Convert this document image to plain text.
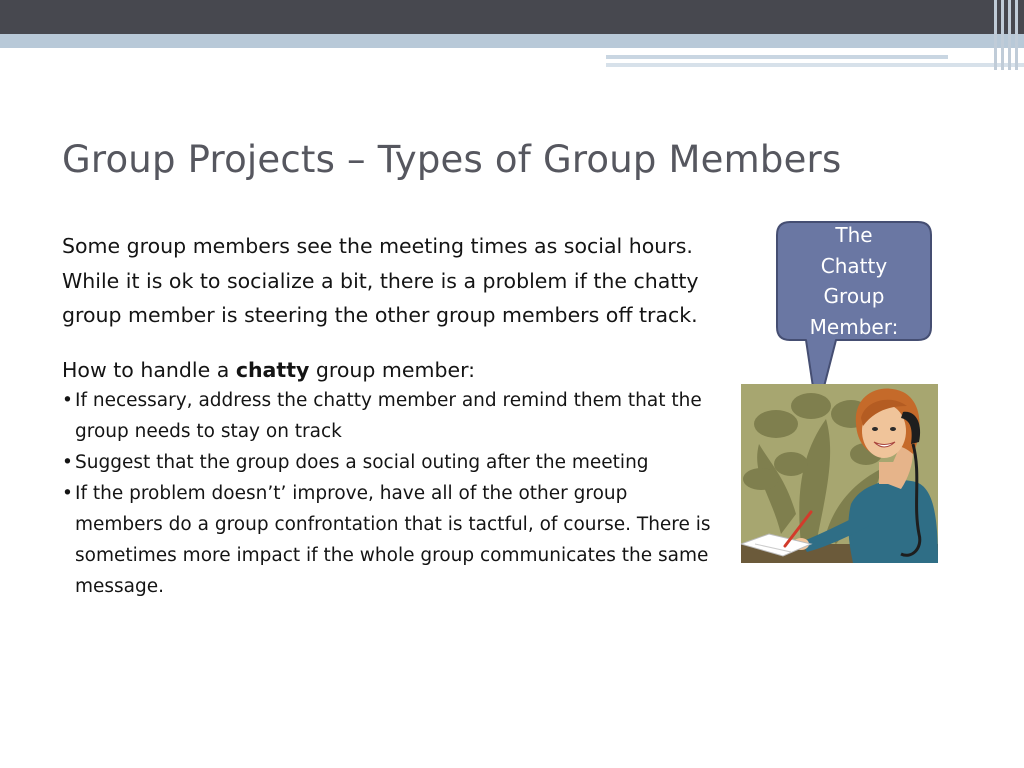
Group Projects – Types of Group Members

Some group members see the meeting times as social hours. While it is ok to socialize a bit, there is a problem if the chatty group member is steering the other group members off track.

How to handle a chatty group member:

• If necessary, address the chatty member and remind them that the group needs to stay on track
• Suggest that the group does a social outing after the meeting
• If the problem doesn’t’ improve, have all of the other group members do a group confrontation that is tactful, of course. There is sometimes more impact if the whole group communicates the same message.
The Chatty Group Member:
